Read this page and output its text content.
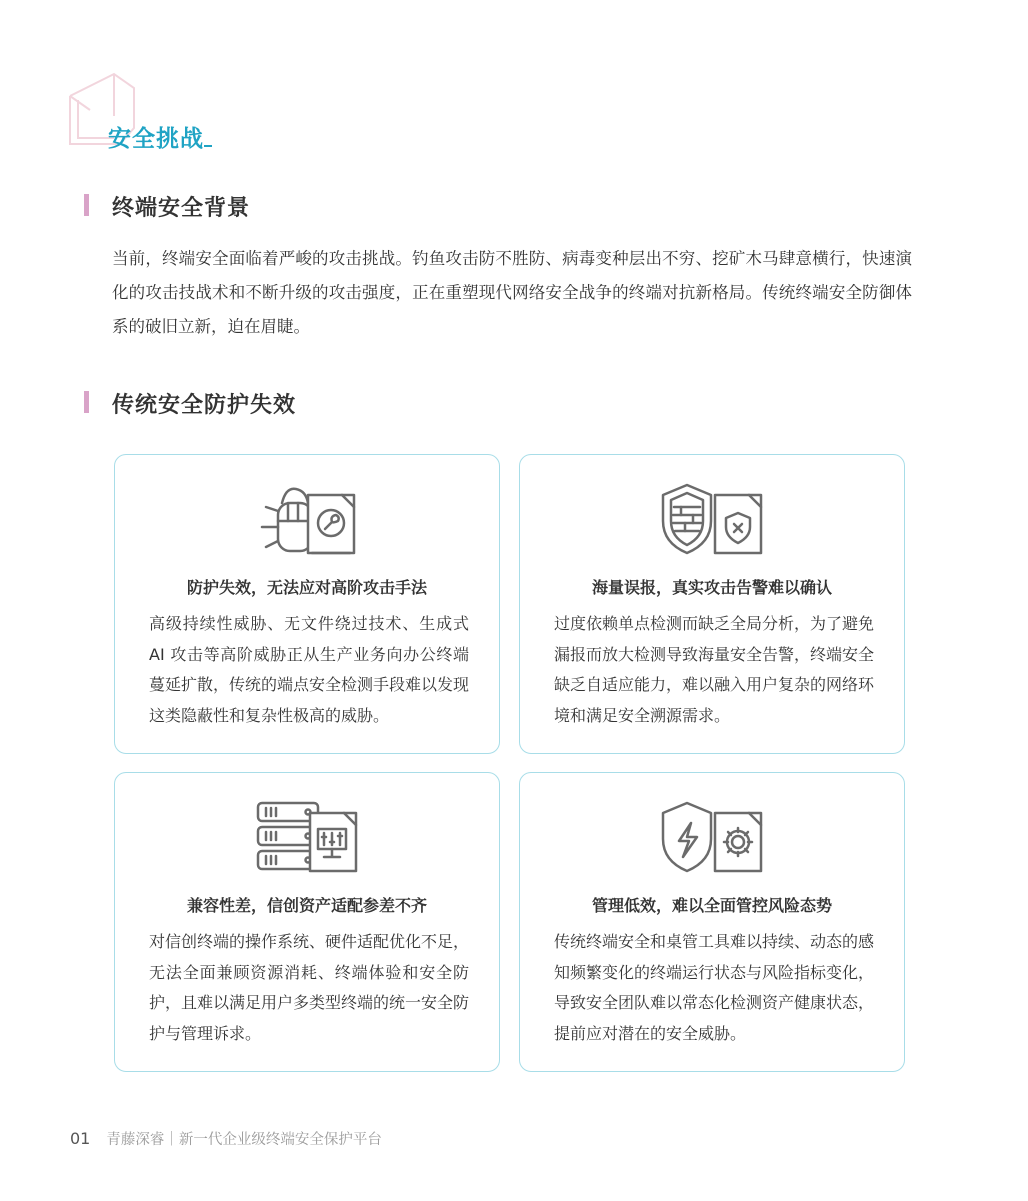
安全挑战
终端安全背景

当前，终端安全面临着严峻的攻击挑战。钓鱼攻击防不胜防、病毒变种层出不穷、挖矿木马肆意横行，快速演化的攻击技战术和不断升级的攻击强度，正在重塑现代网络安全战争的终端对抗新格局。传统终端安全防御体系的破旧立新，迫在眉睫。

传统安全防护失效
防护失效，无法应对高阶攻击手法

高级持续性威胁、无文件绕过技术、生成式 AI 攻击等高阶威胁正从生产业务向办公终端蔓延扩散，传统的端点安全检测手段难以发现这类隐蔽性和复杂性极高的威胁。

海量误报，真实攻击告警难以确认

过度依赖单点检测而缺乏全局分析，为了避免漏报而放大检测导致海量安全告警，终端安全缺乏自适应能力，难以融入用户复杂的网络环境和满足安全溯源需求。

兼容性差，信创资产适配参差不齐

对信创终端的操作系统、硬件适配优化不足，无法全面兼顾资源消耗、终端体验和安全防护，且难以满足用户多类型终端的统一安全防护与管理诉求。

管理低效，难以全面管控风险态势

传统终端安全和桌管工具难以持续、动态的感知频繁变化的终端运行状态与风险指标变化，导致安全团队难以常态化检测资产健康状态，提前应对潜在的安全威胁。

01 青藤深睿｜新一代企业级终端安全保护平台
